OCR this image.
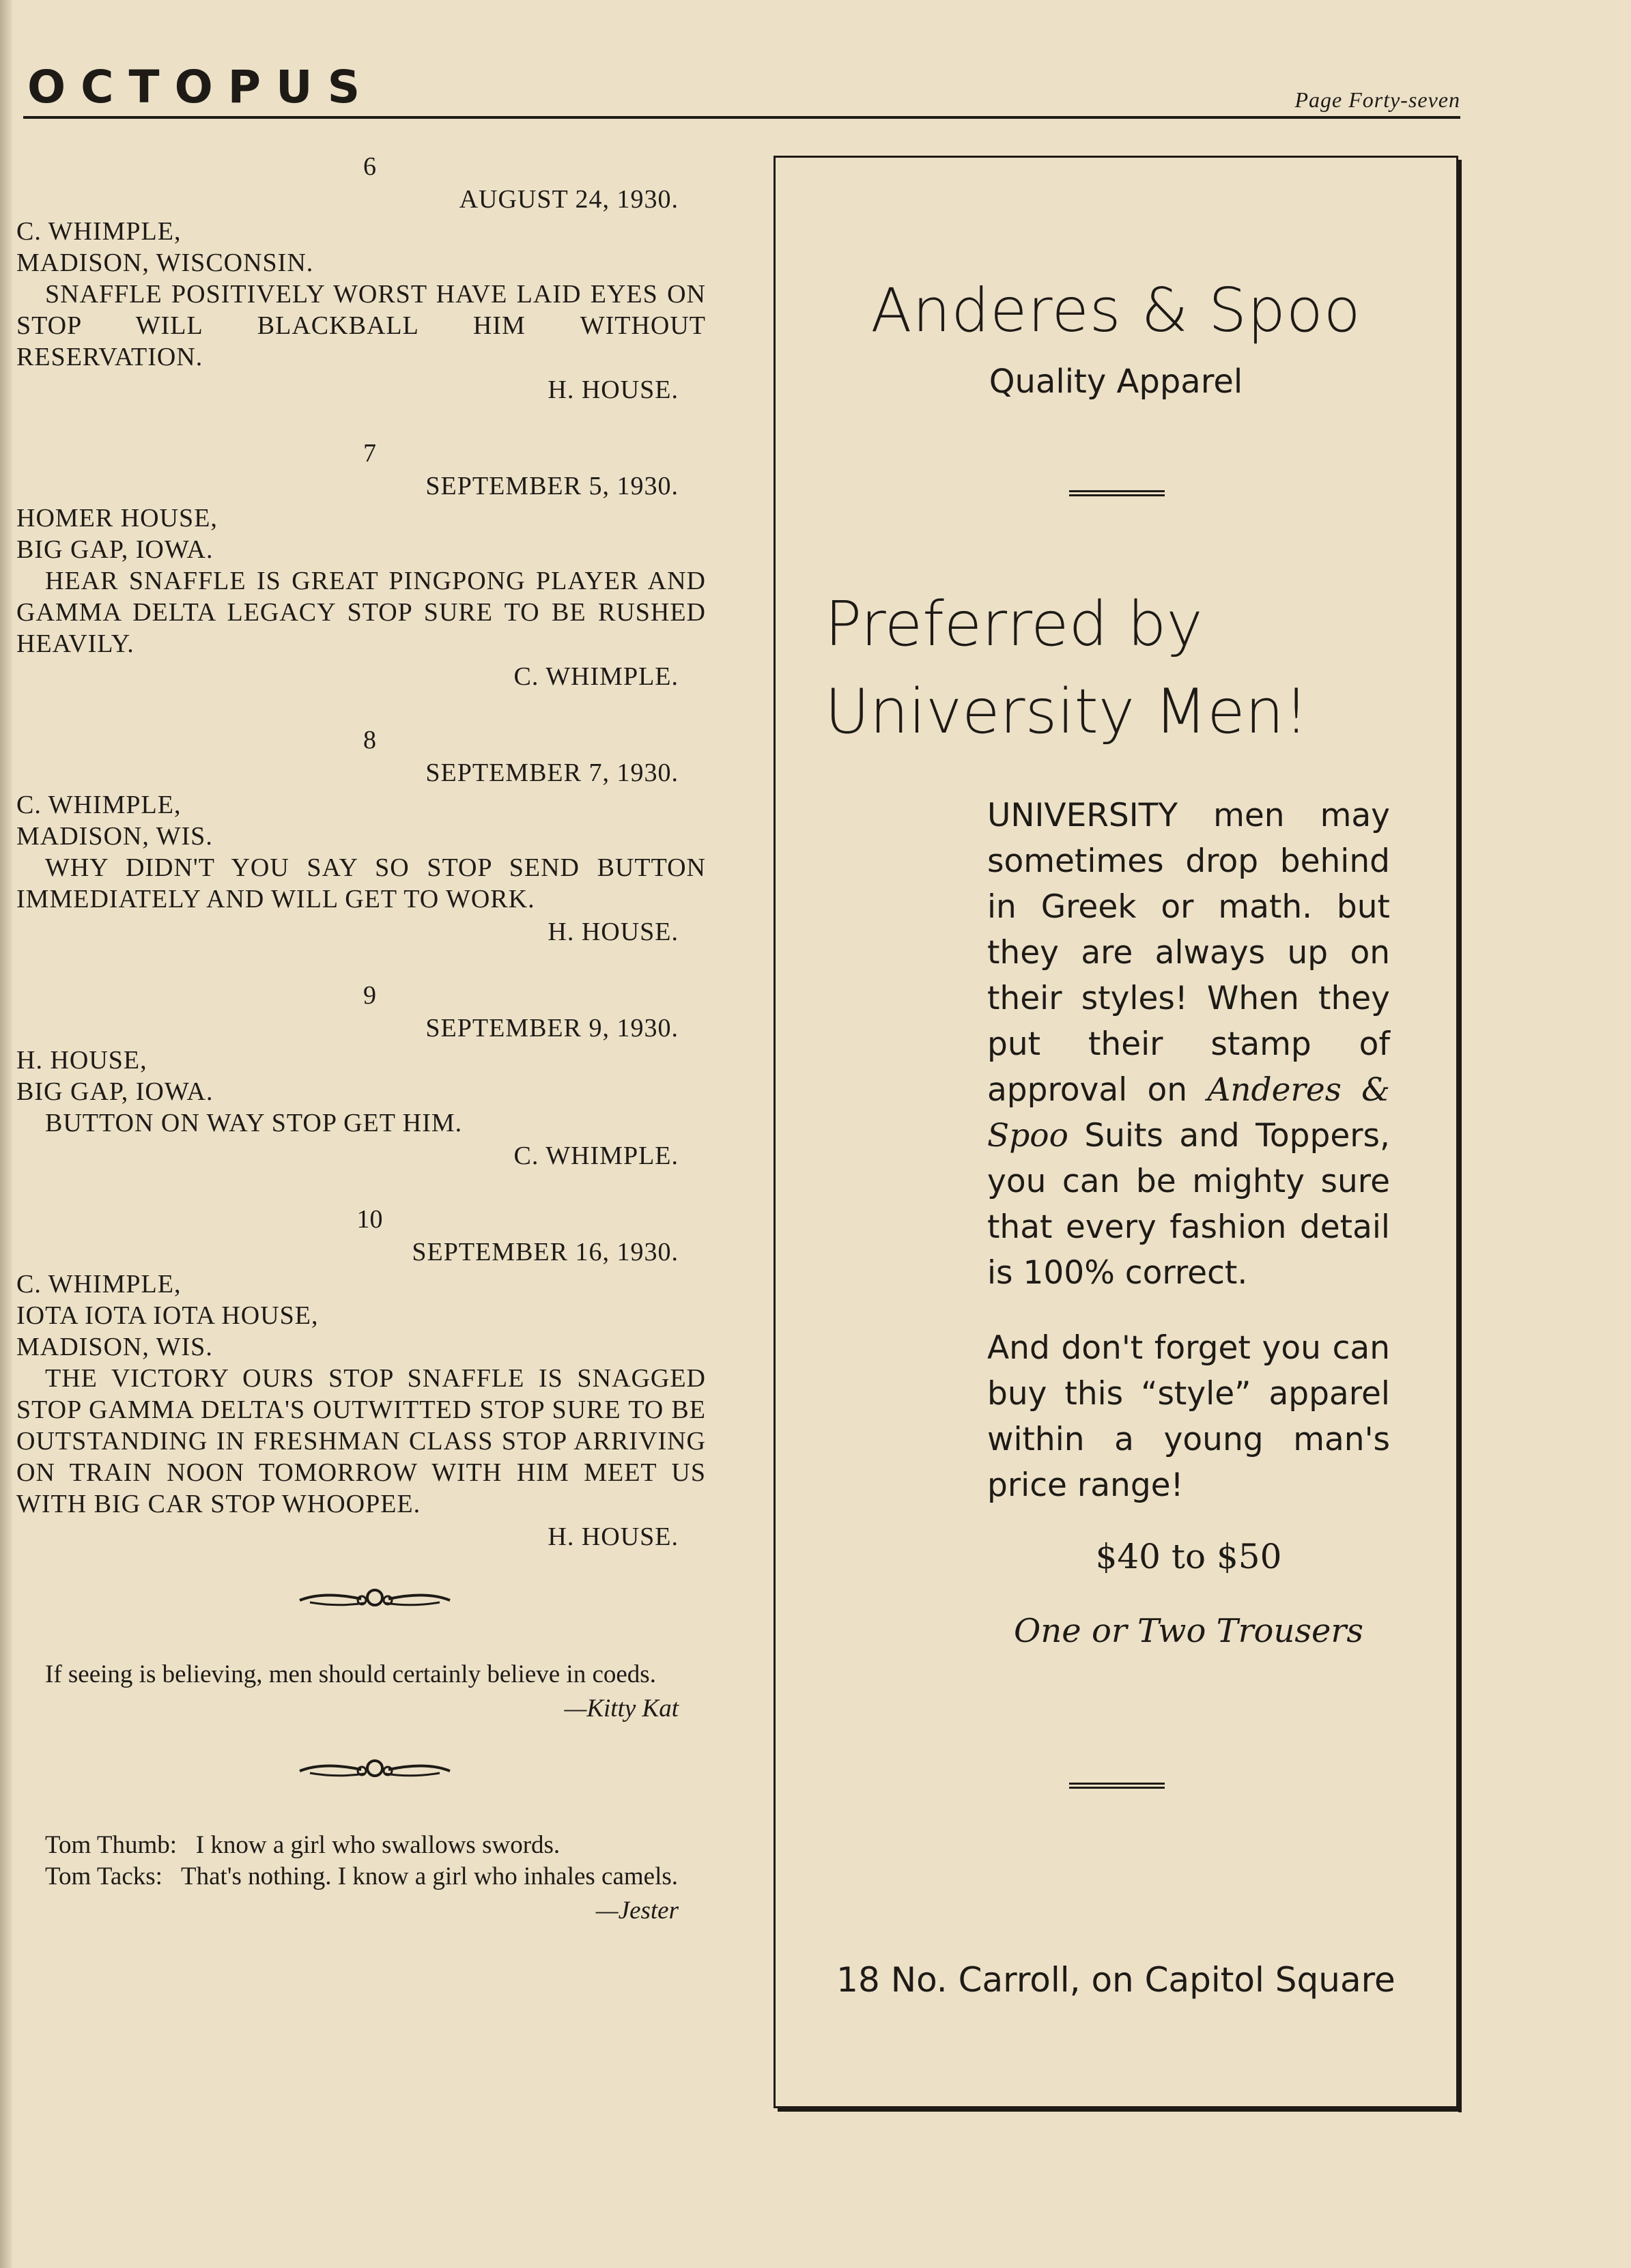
OCTOPUS	Page Forty-seven
6
AUGUST 24, 1930.
C. WHIMPLE,
MADISON, WISCONSIN.
SNAFFLE POSITIVELY WORST HAVE LAID EYES ON STOP WILL BLACKBALL HIM WITHOUT RESERVATION.
H. HOUSE.
7
SEPTEMBER 5, 1930.
HOMER HOUSE,
BIG GAP, IOWA.
HEAR SNAFFLE IS GREAT PINGPONG PLAYER AND GAMMA DELTA LEGACY STOP SURE TO BE RUSHED HEAVILY.
C. WHIMPLE.
8
SEPTEMBER 7, 1930.
C. WHIMPLE,
MADISON, WIS.
WHY DIDN'T YOU SAY SO STOP SEND BUTTON IMMEDIATELY AND WILL GET TO WORK.
H. HOUSE.
9
SEPTEMBER 9, 1930.
H. HOUSE,
BIG GAP, IOWA.
BUTTON ON WAY STOP GET HIM.
C. WHIMPLE.
10
SEPTEMBER 16, 1930.
C. WHIMPLE,
IOTA IOTA IOTA HOUSE,
MADISON, WIS.
THE VICTORY OURS STOP SNAFFLE IS SNAGGED STOP GAMMA DELTA'S OUTWITTED STOP SURE TO BE OUTSTANDING IN FRESHMAN CLASS STOP ARRIVING ON TRAIN NOON TOMORROW WITH HIM MEET US WITH BIG CAR STOP WHOOPEE.
H. HOUSE.
If seeing is believing, men should certainly believe in coeds.
—Kitty Kat
Tom Thumb: I know a girl who swallows swords.
Tom Tacks: That's nothing. I know a girl who inhales camels.
—Jester
Anderes & Spoo
Quality Apparel
Preferred by
University Men!
UNIVERSITY men may sometimes drop behind in Greek or math. but they are always up on their styles! When they put their stamp of approval on Anderes & Spoo Suits and Toppers, you can be mighty sure that every fashion detail is 100% correct.
And don't forget you can buy this “style” apparel within a young man's price range!
$40 to $50
One or Two Trousers
18 No. Carroll, on Capitol Square
